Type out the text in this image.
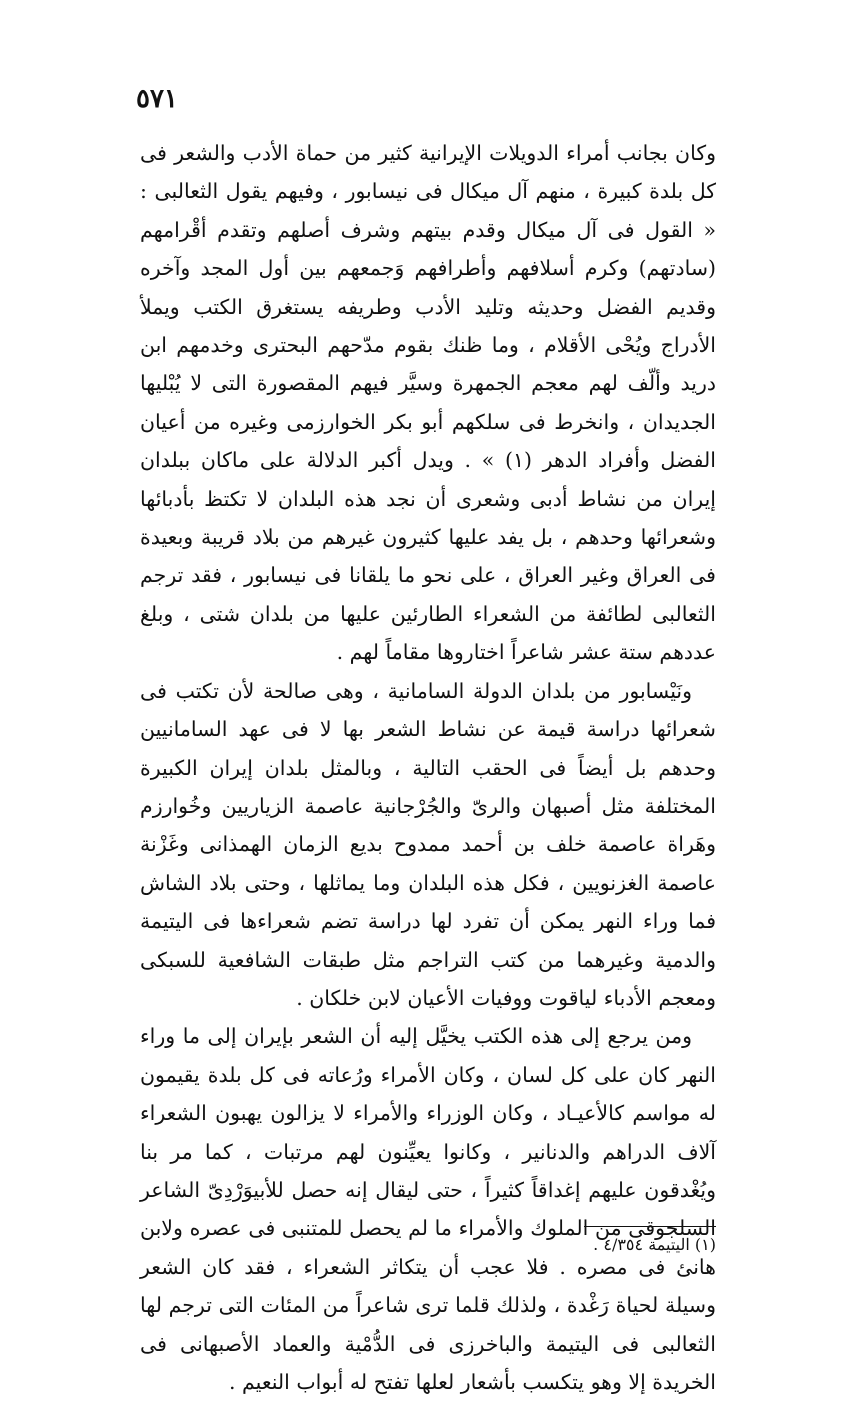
٥٧١

وكان بجانب أمراء الدويلات الإيرانية كثير من حماة الأدب والشعر فى كل بلدة كبيرة ، منهم آل ميكال فى نيسابور ، وفيهم يقول الثعالبى : « القول فى آل ميكال وقدم بيتهم وشرف أصلهم وتقدم أقْرامهم (سادتهم) وكرم أسلافهم وأطرافهم وَجمعهم بين أول المجد وآخره وقديم الفضل وحديثه وتليد الأدب وطريفه يستغرق الكتب ويملأ الأدراج ويُحْى الأقلام ، وما ظنك بقوم مدّحهم البحترى وخدمهم ابن دريد وألّف لهم معجم الجمهرة وسيَّر فيهم المقصورة التى لا يُبْليها الجديدان ، وانخرط فى سلكهم أبو بكر الخوارزمى وغيره من أعيان الفضل وأفراد الدهر (١) » . ويدل أكبر الدلالة على ماكان ببلدان إيران من نشاط أدبى وشعرى أن نجد هذه البلدان لا تكتظ بأدبائها وشعرائها وحدهم ، بل يفد عليها كثيرون غيرهم من بلاد قريبة وبعيدة فى العراق وغير العراق ، على نحو ما يلقانا فى نيسابور ، فقد ترجم الثعالبى لطائفة من الشعراء الطارئين عليها من بلدان شتى ، وبلغ عددهم ستة عشر شاعراً اختاروها مقاماً لهم .

ونَيْسابور من بلدان الدولة السامانية ، وهى صالحة لأن تكتب فى شعرائها دراسة قيمة عن نشاط الشعر بها لا فى عهد السامانيين وحدهم بل أيضاً فى الحقب التالية ، وبالمثل بلدان إيران الكبيرة المختلفة مثل أصبهان والرىّ والجُرْجانية عاصمة الزياريين وخُوارزم وهَراة عاصمة خلف بن أحمد ممدوح بديع الزمان الهمذانى وغَزْنة عاصمة الغزنويين ، فكل هذه البلدان وما يماثلها ، وحتى بلاد الشاش فما وراء النهر يمكن أن تفرد لها دراسة تضم شعراءها فى اليتيمة والدمية وغيرهما من كتب التراجم مثل طبقات الشافعية للسبكى ومعجم الأدباء لياقوت ووفيات الأعيان لابن خلكان .

ومن يرجع إلى هذه الكتب يخيَّل إليه أن الشعر بإيران إلى ما وراء النهر كان على كل لسان ، وكان الأمراء ورُعاته فى كل بلدة يقيمون له مواسم كالأعيـاد ، وكان الوزراء والأمراء لا يزالون يهبون الشعراء آلاف الدراهم والدنانير ، وكانوا يعيِّنون لهم مرتبات ، كما مر بنا ويُغْدقون عليهم إغداقاً كثيراً ، حتى ليقال إنه حصل للأبيوَرْدِىّ الشاعر السلجوقى من الملوك والأمراء ما لم يحصل للمتنبى فى عصره ولابن هانئ فى مصره . فلا عجب أن يتكاثر الشعراء ، فقد كان الشعر وسيلة لحياة رَغْدة ، ولذلك قلما ترى شاعراً من المئات التى ترجم لها الثعالبى فى اليتيمة والباخرزى فى الدُّمْية والعماد الأصبهانى فى الخريدة إلا وهو يتكسب بأشعار لعلها تفتح له أبواب النعيم .

(١) اليتيمة ٤/٣٥٤ .
